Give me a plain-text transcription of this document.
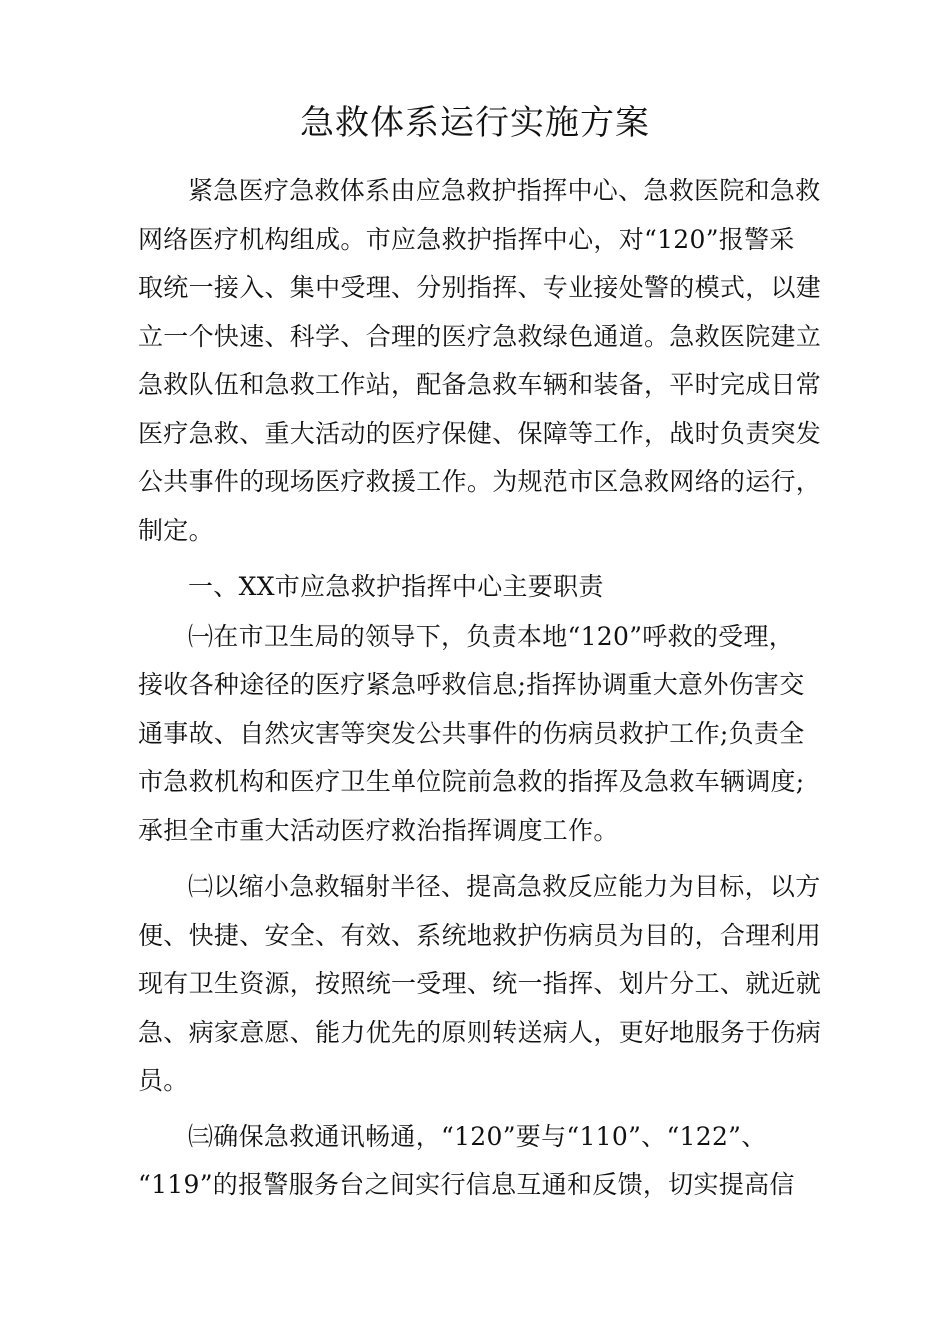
急救体系运行实施方案
紧急医疗急救体系由应急救护指挥中心、急救医院和急救
网络医疗机构组成。市应急救护指挥中心，对“120”报警采
取统一接入、集中受理、分别指挥、专业接处警的模式，以建
立一个快速、科学、合理的医疗急救绿色通道。急救医院建立
急救队伍和急救工作站，配备急救车辆和装备，平时完成日常
医疗急救、重大活动的医疗保健、保障等工作，战时负责突发
公共事件的现场医疗救援工作。为规范市区急救网络的运行，
制定。
一、XX市应急救护指挥中心主要职责
㈠在市卫生局的领导下，负责本地“120”呼救的受理，
接收各种途径的医疗紧急呼救信息;指挥协调重大意外伤害交
通事故、自然灾害等突发公共事件的伤病员救护工作;负责全
市急救机构和医疗卫生单位院前急救的指挥及急救车辆调度;
承担全市重大活动医疗救治指挥调度工作。
㈡以缩小急救辐射半径、提高急救反应能力为目标，以方
便、快捷、安全、有效、系统地救护伤病员为目的，合理利用
现有卫生资源，按照统一受理、统一指挥、划片分工、就近就
急、病家意愿、能力优先的原则转送病人，更好地服务于伤病
员。
㈢确保急救通讯畅通，“120”要与“110”、“122”、
“119”的报警服务台之间实行信息互通和反馈，切实提高信
